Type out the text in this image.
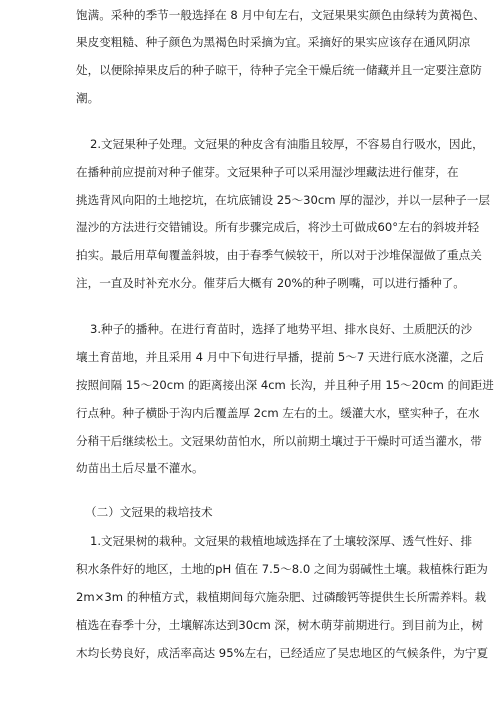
饱满。采种的季节一般选择在 8 月中旬左右，文冠果果实颜色由绿转为黄褐色、
果皮变粗糙、种子颜色为黑褐色时采摘为宜。采摘好的果实应该存在通风阴凉
处，以便除掉果皮后的种子晾干，待种子完全干燥后统一储藏并且一定要注意防
潮。
2.文冠果种子处理。文冠果的种皮含有油脂且较厚，不容易自行吸水，因此，
在播种前应提前对种子催芽。文冠果种子可以采用湿沙埋藏法进行催芽，在
挑选背风向阳的土地挖坑，在坑底铺设 25～30cm 厚的湿沙，并以一层种子一层
湿沙的方法进行交错铺设。所有步骤完成后，将沙土可做成60°左右的斜坡并轻
拍实。最后用草甸覆盖斜坡，由于春季气候较干，所以对于沙堆保湿做了重点关
注，一直及时补充水分。催芽后大概有 20%的种子咧嘴，可以进行播种了。
3.种子的播种。在进行育苗时，选择了地势平坦、排水良好、土质肥沃的沙
壤土育苗地，并且采用 4 月中下旬进行早播，提前 5～7 天进行底水浇灌，之后
按照间隔 15～20cm 的距离接出深 4cm 长沟，并且种子用 15～20cm 的间距进
行点种。种子横卧于沟内后覆盖厚 2cm 左右的土。缓灌大水，壁实种子，在水
分稍干后继续松土。文冠果幼苗怕水，所以前期土壤过于干燥时可适当灌水，带
幼苗出土后尽量不灌水。
（二）文冠果的栽培技术
1.文冠果树的栽种。文冠果的栽植地域选择在了土壤较深厚、透气性好、排
积水条件好的地区，土地的pH 值在 7.5～8.0 之间为弱碱性土壤。栽植株行距为
2m×3m 的种植方式，栽植期间每穴施杂肥、过磷酸钙等提供生长所需养料。栽
植选在春季十分，土壤解冻达到30cm 深，树木萌芽前期进行。到目前为止，树
木均长势良好，成活率高达 95%左右，已经适应了吴忠地区的气候条件，为宁夏
